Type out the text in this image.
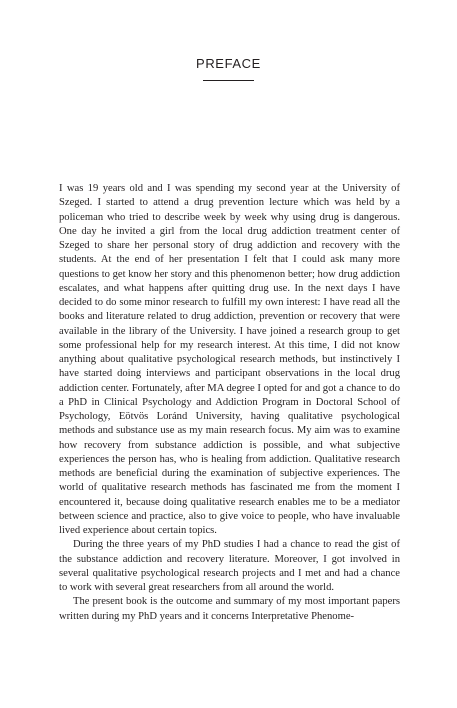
PREFACE

I was 19 years old and I was spending my second year at the University of Szeged. I started to attend a drug prevention lecture which was held by a policeman who tried to describe week by week why using drug is dangerous. One day he invited a girl from the local drug addiction treatment center of Szeged to share her personal story of drug addiction and recovery with the students. At the end of her presentation I felt that I could ask many more questions to get know her story and this phenomenon better; how drug addiction escalates, and what happens after quitting drug use. In the next days I have decided to do some minor research to fulfill my own interest: I have read all the books and literature related to drug addiction, prevention or recovery that were available in the library of the University. I have joined a research group to get some professional help for my research interest. At this time, I did not know anything about qualitative psychological research methods, but instinctively I have started doing interviews and participant observations in the local drug addiction center. Fortunately, after MA degree I opted for and got a chance to do a PhD in Clinical Psychology and Addiction Program in Doctoral School of Psychology, Eötvös Loránd University, having qualitative psychological methods and substance use as my main research focus. My aim was to examine how recovery from substance addiction is possible, and what subjective experiences the person has, who is healing from addiction. Qualitative research methods are beneficial during the examination of subjective experiences. The world of qualitative research methods has fascinated me from the moment I encountered it, because doing qualitative research enables me to be a mediator between science and practice, also to give voice to people, who have invaluable lived experience about certain topics.

During the three years of my PhD studies I had a chance to read the gist of the substance addiction and recovery literature. Moreover, I got involved in several qualitative psychological research projects and I met and had a chance to work with several great researchers from all around the world.

The present book is the outcome and summary of my most important papers written during my PhD years and it concerns Interpretative Phenome-
